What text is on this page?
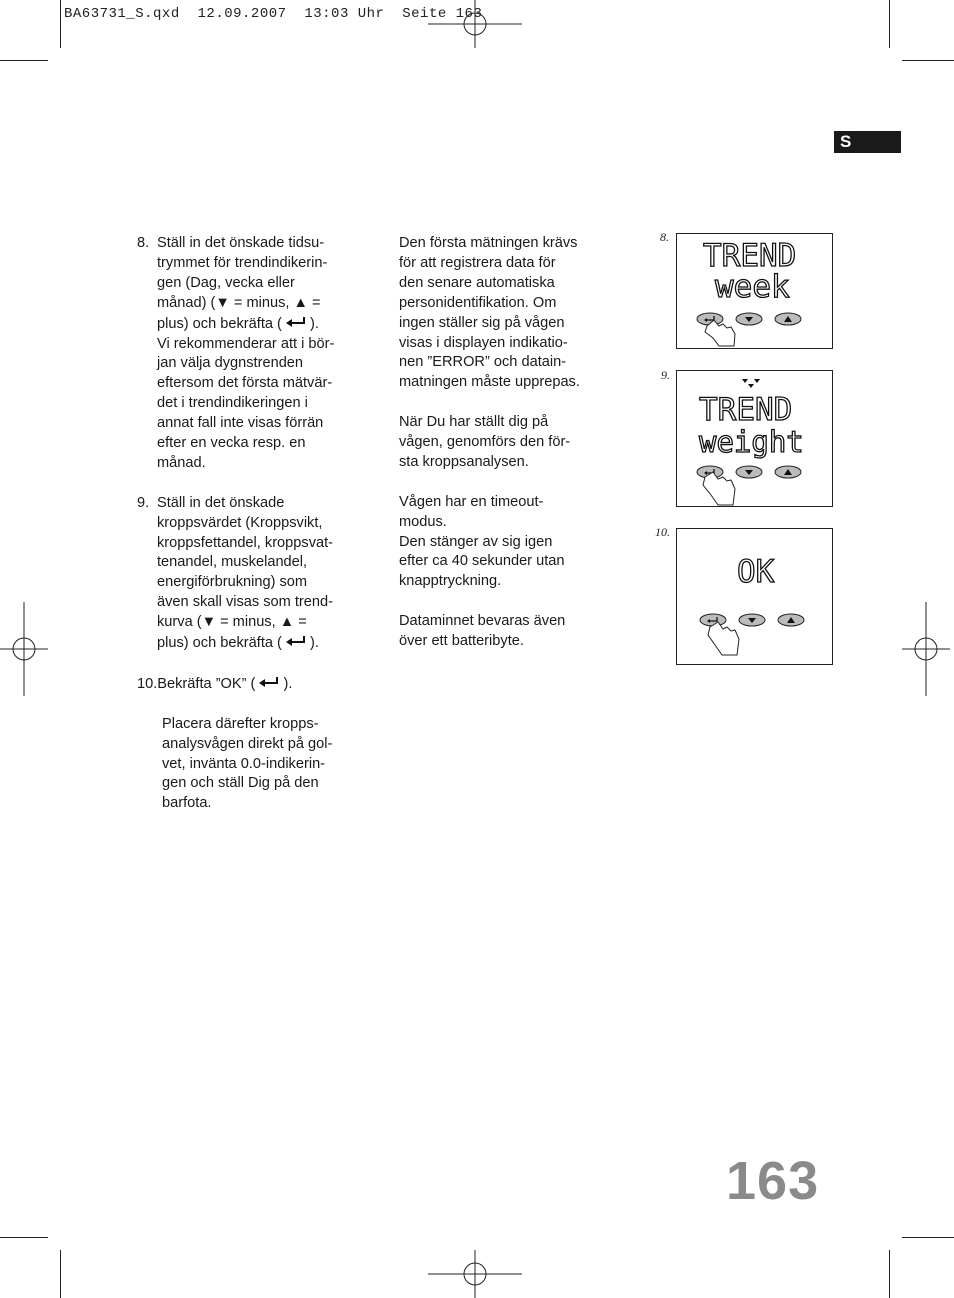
BA63731_S.qxd  12.09.2007  13:03 Uhr  Seite 163
S
8. Ställ in det önskade tidsu-
trymmet för trendindikerin-
gen (Dag, vecka eller
månad) (▼ = minus, ▲ =
plus) och bekräfta (  ).
Vi rekommenderar att i bör-
jan välja dygnstrenden
eftersom det första mätvär-
det i trendindikeringen i
annat fall inte visas förrän
efter en vecka resp. en
månad.
9. Ställ in det önskade
kroppsvärdet (Kroppsvikt,
kroppsfettandel, kroppsvat-
tenandel, muskelandel,
energiförbrukning) som
även skall visas som trend-
kurva (▼ = minus, ▲ =
plus) och bekräfta (  ).
10.Bekräfta ”OK” (  ).
Placera därefter kropps-
analysvågen direkt på gol-
vet, invänta 0.0-indikerin-
gen och ställ Dig på den
barfota.

Den första mätningen krävs
för att registrera data för
den senare automatiska
personidentifikation. Om
ingen ställer sig på vågen
visas i displayen indikatio-
nen ”ERROR” och datain-
matningen måste upprepas.

När Du har ställt dig på
vågen, genomförs den för-
sta kroppsanalysen.

Vågen har en timeout-
modus.
Den stänger av sig igen
efter ca 40 sekunder utan
knapptryckning.

Dataminnet bevaras även
över ett batteribyte.

8.
TREND
week
9.
TREND
weight
10.
OK
163
